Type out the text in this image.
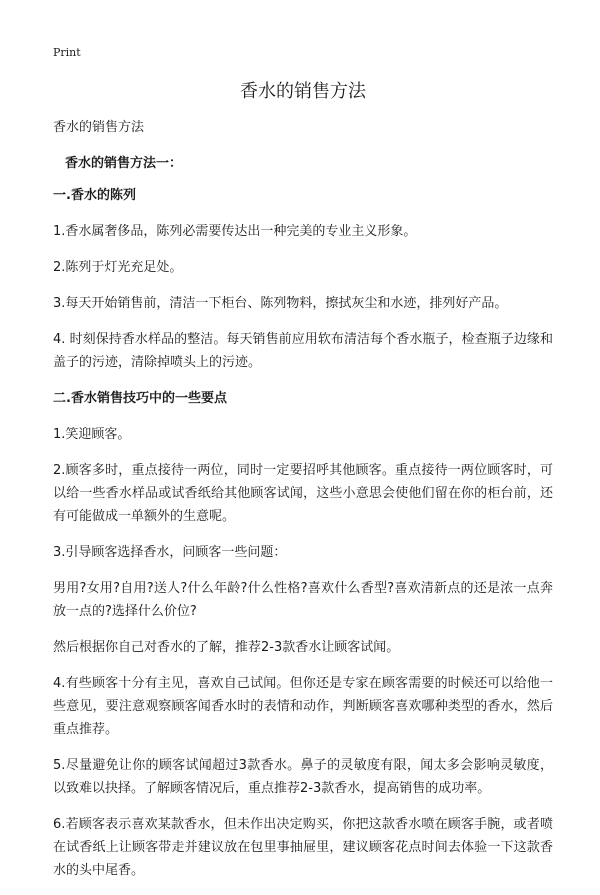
Print
香水的销售方法

香水的销售方法

香水的销售方法一：

一.香水的陈列

1.香水属奢侈品，陈列必需要传达出一种完美的专业主义形象。

2.陈列于灯光充足处。

3.每天开始销售前，清洁一下柜台、陈列物料，擦拭灰尘和水迹，排列好产品。

4. 时刻保持香水样品的整洁。每天销售前应用软布清洁每个香水瓶子，检查瓶子边缘和盖子的污迹，清除掉喷头上的污迹。

二.香水销售技巧中的一些要点

1.笑迎顾客。

2.顾客多时，重点接待一两位，同时一定要招呼其他顾客。重点接待一两位顾客时，可以给一些香水样品或试香纸给其他顾客试闻，这些小意思会使他们留在你的柜台前，还有可能做成一单额外的生意呢。

3.引导顾客选择香水，问顾客一些问题：

男用?女用?自用?送人?什么年龄?什么性格?喜欢什么香型?喜欢清新点的还是浓一点奔放一点的?选择什么价位?

然后根据你自己对香水的了解，推荐2-3款香水让顾客试闻。

4.有些顾客十分有主见，喜欢自己试闻。但你还是专家在顾客需要的时候还可以给他一些意见，要注意观察顾客闻香水时的表情和动作，判断顾客喜欢哪种类型的香水，然后重点推荐。

5.尽量避免让你的顾客试闻超过3款香水。鼻子的灵敏度有限，闻太多会影响灵敏度，以致难以抉择。了解顾客情况后，重点推荐2-3款香水，提高销售的成功率。

6.若顾客表示喜欢某款香水，但未作出决定购买，你把这款香水喷在顾客手腕，或者喷在试香纸上让顾客带走并建议放在包里事抽屉里，建议顾客花点时间去体验一下这款香水的头中尾香。
